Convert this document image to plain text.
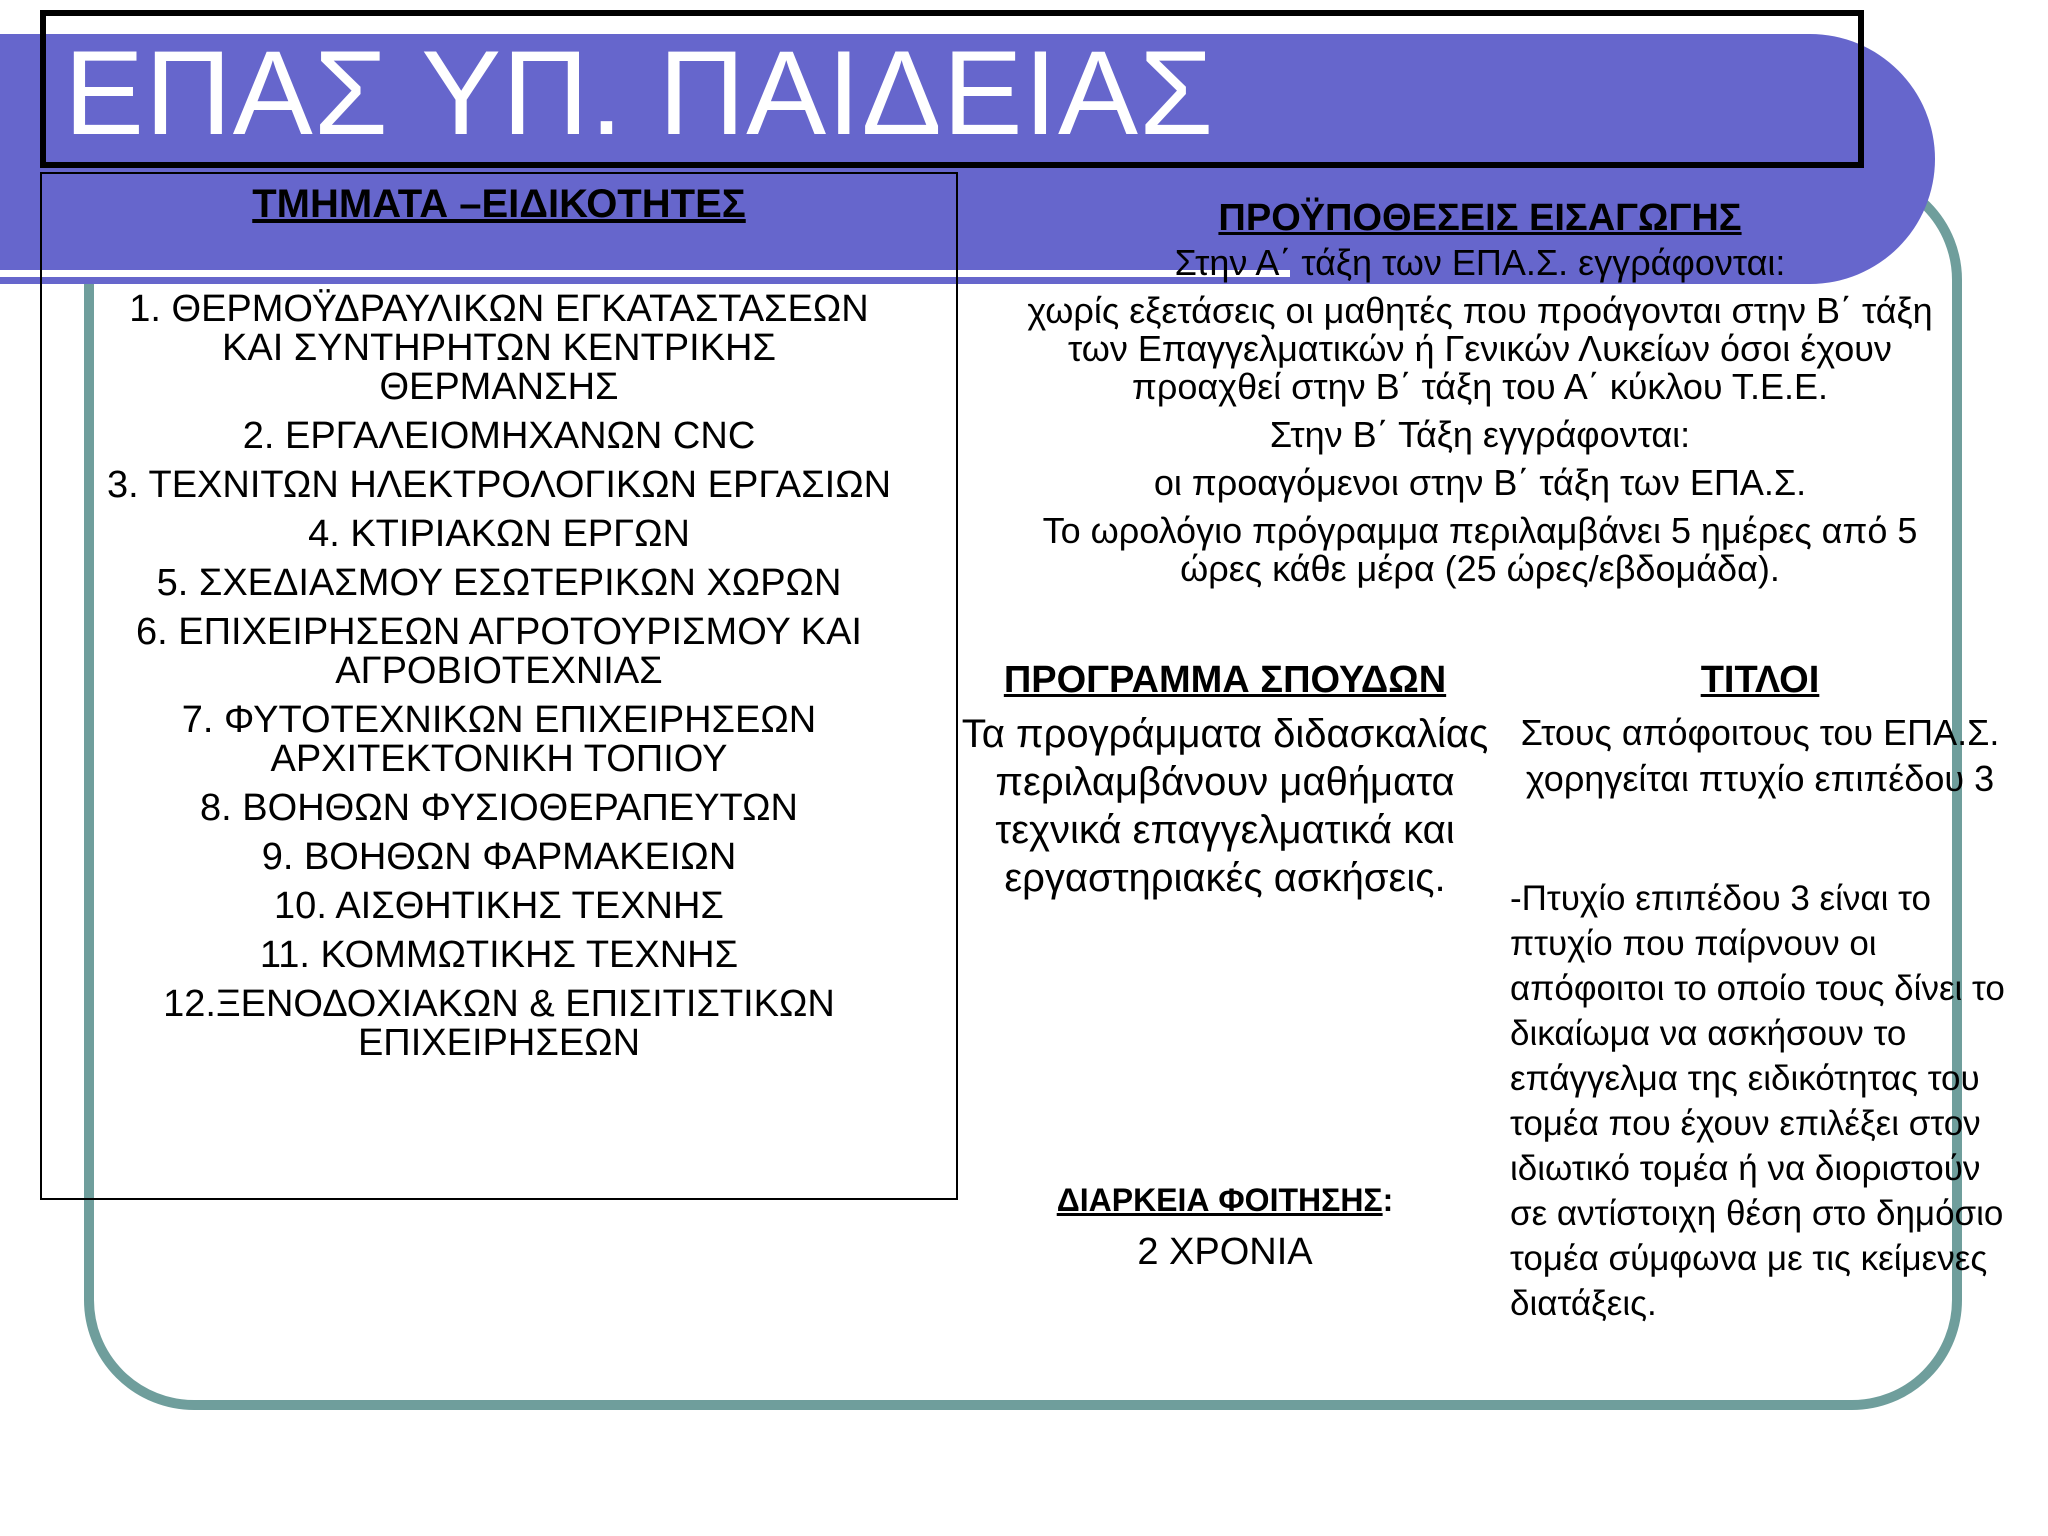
ΕΠΑΣ ΥΠ. ΠΑΙΔΕΙΑΣ
ΤΜΗΜΑΤΑ –ΕΙΔΙΚΟΤΗΤΕΣ
1. ΘΕΡΜΟΫΔΡΑΥΛΙΚΩΝ ΕΓΚΑΤΑΣΤΑΣΕΩΝ ΚΑΙ ΣΥΝΤΗΡΗΤΩΝ ΚΕΝΤΡΙΚΗΣ ΘΕΡΜΑΝΣΗΣ
2. ΕΡΓΑΛΕΙΟΜΗΧΑΝΩΝ CNC
3. ΤΕΧΝΙΤΩΝ ΗΛΕΚΤΡΟΛΟΓΙΚΩΝ ΕΡΓΑΣΙΩΝ
4. ΚΤΙΡΙΑΚΩΝ ΕΡΓΩΝ
5. ΣΧΕΔΙΑΣΜΟΥ ΕΣΩΤΕΡΙΚΩΝ ΧΩΡΩΝ
6. ΕΠΙΧΕΙΡΗΣΕΩΝ ΑΓΡΟΤΟΥΡΙΣΜΟΥ ΚΑΙ ΑΓΡΟΒΙΟΤΕΧΝΙΑΣ
7. ΦΥΤΟΤΕΧΝΙΚΩΝ ΕΠΙΧΕΙΡΗΣΕΩΝ ΑΡΧΙΤΕΚΤΟΝΙΚΗ ΤΟΠΙΟΥ
8. ΒΟΗΘΩΝ ΦΥΣΙΟΘΕΡΑΠΕΥΤΩΝ
9. ΒΟΗΘΩΝ ΦΑΡΜΑΚΕΙΩΝ
10. ΑΙΣΘΗΤΙΚΗΣ ΤΕΧΝΗΣ
11. ΚΟΜΜΩΤΙΚΗΣ ΤΕΧΝΗΣ
12.ΞΕΝΟΔΟΧΙΑΚΩΝ & ΕΠΙΣΙΤΙΣΤΙΚΩΝ ΕΠΙΧΕΙΡΗΣΕΩΝ
ΠΡΟΫΠΟΘΕΣΕΙΣ ΕΙΣΑΓΩΓΗΣ

Στην Α΄ τάξη των ΕΠΑ.Σ. εγγράφονται:

χωρίς εξετάσεις οι μαθητές που προάγονται στην Β΄ τάξη των Επαγγελματικών ή Γενικών Λυκείων όσοι έχουν προαχθεί στην Β΄ τάξη του Α΄ κύκλου Τ.Ε.Ε.

Στην Β΄ Τάξη εγγράφονται:

οι προαγόμενοι στην Β΄ τάξη των ΕΠΑ.Σ.

Το ωρολόγιο πρόγραμμα περιλαμβάνει 5 ημέρες από 5 ώρες κάθε μέρα (25 ώρες/εβδομάδα).

ΠΡΟΓΡΑΜΜΑ ΣΠΟΥΔΩΝ
Τα προγράμματα διδασκαλίας περιλαμβάνουν μαθήματα τεχνικά επαγγελματικά και εργαστηριακές ασκήσεις.
ΔΙΑΡΚΕΙΑ ΦΟΙΤΗΣΗΣ:
2 ΧΡΟΝΙΑ
ΤΙΤΛΟΙ
Στους απόφοιτους του ΕΠΑ.Σ. χορηγείται πτυχίο επιπέδου 3
-Πτυχίο επιπέδου 3 είναι το πτυχίο που παίρνουν οι απόφοιτοι το οποίο τους δίνει το δικαίωμα να ασκήσουν το επάγγελμα της ειδικότητας του τομέα που έχουν επιλέξει στον ιδιωτικό τομέα ή να διοριστούν σε αντίστοιχη θέση στο δημόσιο τομέα σύμφωνα με τις κείμενες διατάξεις.
